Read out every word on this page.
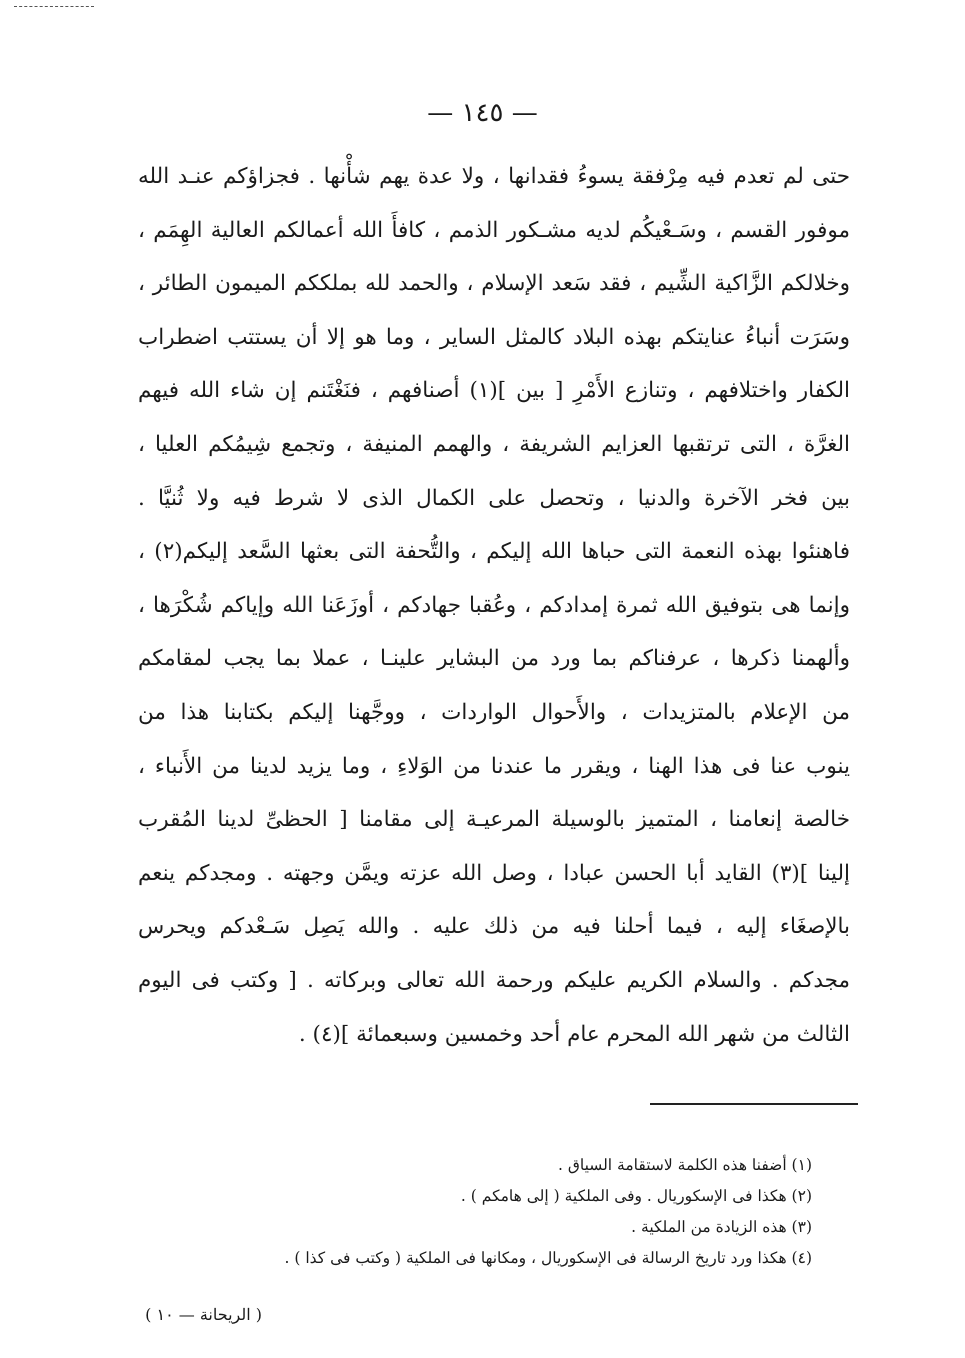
— ١٤٥ —
حتى لم تعدم فيه مِرْفقة يسوءُ فقدانها ، ولا عدة يهم شأْنها . فجزاؤكم عنـد الله
موفور القسم ، وسَـعْيكُم لديه مشـكور الذمم ، كافأَ الله أعمالكم العالية الهِمَم ،
وخلالكم الزَّاكية الشِّيم ، فقد سَعد الإسلام ، والحمد لله بملككم الميمون الطائر ،
وسَرَت أنباءُ عنايتكم بهذه البلاد كالمثل الساير ، وما هو إلا أن يستتب اضطراب
الكفار واختلافهم ، وتنازع الأَمْرِ [ بين ](١) أصنافهم ، فنَغْتَنم إن شاء الله فيهم
الغرَّة ، التى ترتقبها العزايم الشريفة ، والهمم المنيفة ، وتجمع شِيمُكم العليا ،
بين فخر الآخرة والدنيا ، وتحصل على الكمال الذى لا شرط فيه ولا ثُنيَّا .
فاهنئوا بهذه النعمة التى حباها الله إليكم ، والتُّحفة التى بعثها السَّعد إليكم(٢) ،
وإنما هى بتوفيق الله ثمرة إمدادكم ، وعُقبا جهادكم ، أوزَعَنا الله وإياكم شُكْرَها ،
وألهمنا ذكرها ، عرفناكم بما ورد من البشاير علينـا ، عملا بما يجب لمقامكم
من الإعلام بالمتزيدات ، والأَحوال الواردات ، ووجَّهنا إليكم بكتابنا هذا من
ينوب عنا فى هذا الهنا ، ويقرر ما عندنا من الوَلاءِ ، وما يزيد لدينا من الأَنباء ،
خالصة إنعامنا ، المتميز بالوسيلة المرعيـة إلى مقامنا [ الحظىِّ لدينا المُقرب
إلينا ](٣) القايد أبا الحسن عبادا ، وصل الله عزته ويمَّن وجهته . ومجدكم ينعم
بالإصغَاء إليه ، فيما أحلنا فيه من ذلك عليه . والله يَصِل سَـعْدكم ويحرس
مجدكم . والسلام الكريم عليكم ورحمة الله تعالى وبركاته . [ وكتب فى اليوم
الثالث من شهر الله المحرم عام أحد وخمسين وسبعمائة ](٤) .
(١) أضفنا هذه الكلمة لاستقامة السياق .
(٢) هكذا فى الإسكوريال . وفى الملكية ( إلى هامكم ) .
(٣) هذه الزيادة من الملكية .
(٤) هكذا ورد تاريخ الرسالة فى الإسكوريال ، ومكانها فى الملكية ( وكتب فى كذا ) .
( الريحانة — ١٠ )
